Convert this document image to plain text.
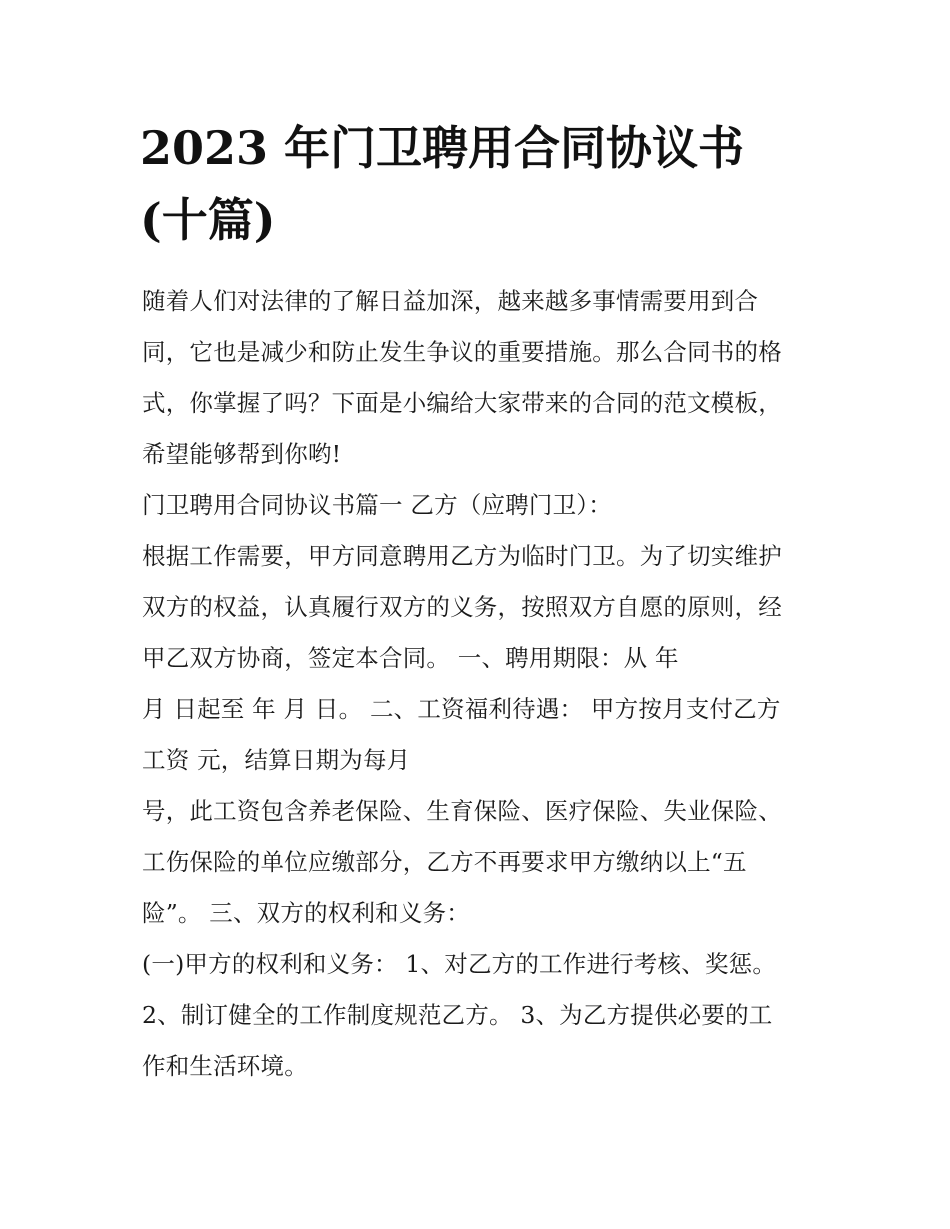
2023 年门卫聘用合同协议书
(十篇)
随着人们对法律的了解日益加深，越来越多事情需要用到合
同，它也是减少和防止发生争议的重要措施。那么合同书的格
式，你掌握了吗？下面是小编给大家带来的合同的范文模板，
希望能够帮到你哟!
门卫聘用合同协议书篇一 乙方（应聘门卫）：
根据工作需要，甲方同意聘用乙方为临时门卫。为了切实维护
双方的权益，认真履行双方的义务，按照双方自愿的原则，经
甲乙双方协商，签定本合同。 一、聘用期限：从 年
月 日起至 年 月 日。 二、工资福利待遇： 甲方按月支付乙方
工资 元，结算日期为每月
号，此工资包含养老保险、生育保险、医疗保险、失业保险、
工伤保险的单位应缴部分，乙方不再要求甲方缴纳以上“五
险”。 三、双方的权利和义务：
(一)甲方的权利和义务： 1、对乙方的工作进行考核、奖惩。
2、制订健全的工作制度规范乙方。 3、为乙方提供必要的工
作和生活环境。
